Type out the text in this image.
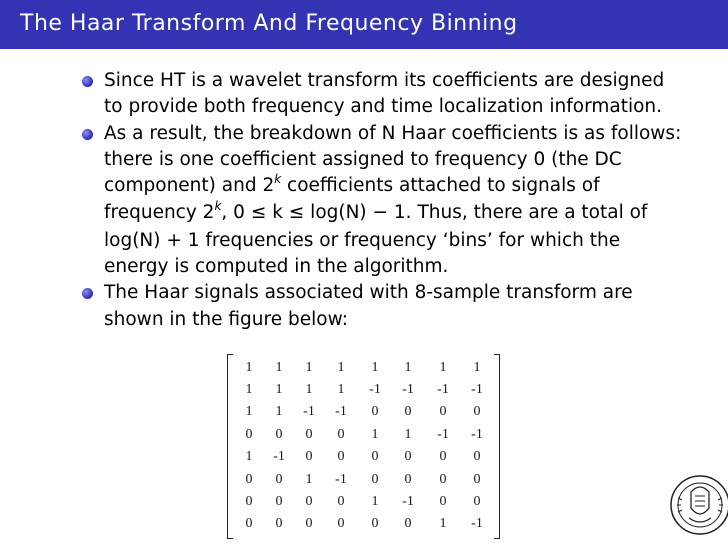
The Haar Transform And Frequency Binning
Since HT is a wavelet transform its coefficients are designed
to provide both frequency and time localization information.
As a result, the breakdown of N Haar coefficients is as follows:
there is one coefficient assigned to frequency 0 (the DC
component) and 2$^k$ coefficients attached to signals of
frequency 2$^k$, 0 ≤ k ≤ log(N) − 1. Thus, there are a total of
log(N) + 1 frequencies or frequency ‘bins’ for which the
energy is computed in the algorithm.
The Haar signals associated with 8-sample transform are
shown in the figure below:
1	1	1	1	1	1	1	1
1	1	1	1	-1	-1	-1	-1
1	1	-1	-1	0	0	0	0
0	0	0	0	1	1	-1	-1
1	-1	0	0	0	0	0	0
0	0	1	-1	0	0	0	0
0	0	0	0	1	-1	0	0
0	0	0	0	0	0	1	-1
